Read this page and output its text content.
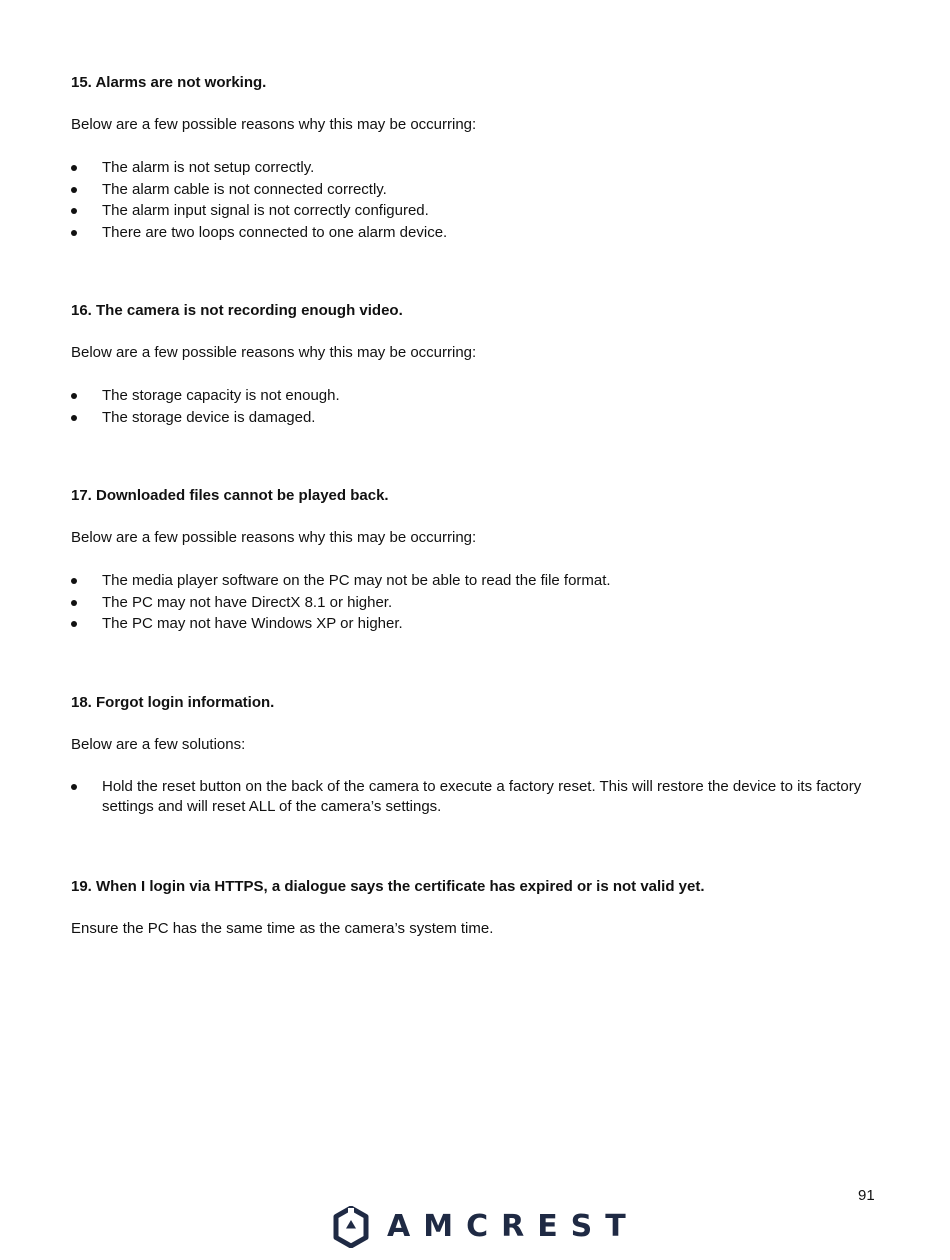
15. Alarms are not working.

Below are a few possible reasons why this may be occurring:

The alarm is not setup correctly.
The alarm cable is not connected correctly.
The alarm input signal is not correctly configured.
There are two loops connected to one alarm device.

16. The camera is not recording enough video.

Below are a few possible reasons why this may be occurring:

The storage capacity is not enough.
The storage device is damaged.

17. Downloaded files cannot be played back.

Below are a few possible reasons why this may be occurring:

The media player software on the PC may not be able to read the file format.
The PC may not have DirectX 8.1 or higher.
The PC may not have Windows XP or higher.

18. Forgot login information.

Below are a few solutions:

Hold the reset button on the back of the camera to execute a factory reset. This will restore the device to its factory settings and will reset ALL of the camera’s settings.

19. When I login via HTTPS, a dialogue says the certificate has expired or is not valid yet.

Ensure the PC has the same time as the camera’s system time.

91
AMCREST
